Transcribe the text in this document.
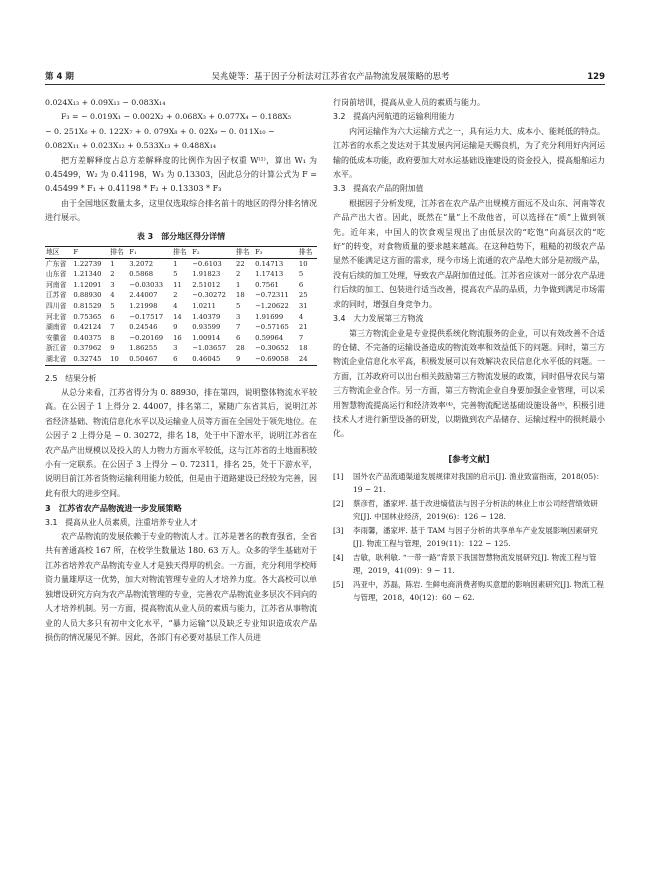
第 4 期	吴兆婕等：基于因子分析法对江苏省农产品物流发展策略的思考	129
0.024X₁₃ + 0.09X₁₃ − 0.083X₁₄
F₃ = − 0.019X₁ − 0.002X₂ + 0.068X₃ + 0.077X₄ − 0.188X₅
− 0. 251X₆ + 0. 122X₇ + 0. 079X₈ + 0. 02X₉ − 0. 011X₁₀ −
0.082X₁₁ + 0.023X₁₂ + 0.533X₁₃ + 0.488X₁₄

把方差解释度占总方差解释度的比例作为因子权重 W⁽¹⁾，算出 W₁ 为 0.45499，W₂ 为 0.41198，W₃ 为 0.13303，因此总分的计算公式为 F = 0.45499 * F₁ + 0.41198 * F₂ + 0.13303 * F₃

由于全国地区数量太多，这里仅选取综合排名前十的地区的得分排名情况进行展示。

表 3　部分地区得分详情
地区	F	排名	F₁	排名	F₂	排名	F₃	排名
广东省	1.22739	1	3.2072	1	−0.6103	22	0.14713	10
山东省	1.21340	2	0.5868	5	1.91823	2	1.17413	5
河南省	1.12091	3	−0.03033	11	2.51012	1	0.7561	6
江苏省	0.88930	4	2.44007	2	−0.30272	18	−0.72311	25
四川省	0.81529	5	1.21998	4	1.0211	5	−1.20622	31
河北省	0.75365	6	−0.17517	14	1.40379	3	1.91699	4
湖南省	0.42124	7	0.24546	9	0.93599	7	−0.57165	21
安徽省	0.40375	8	−0.20169	16	1.00914	6	0.59964	7
浙江省	0.37962	9	1.86255	3	−1.03657	28	−0.30652	18
湖北省	0.32745	10	0.50467	6	0.46045	9	−0.69058	24
2.5　结果分析

从总分来看，江苏省得分为 0. 88930，排在第四，说明整体物流水平较高。在公因子 1 上得分 2. 44007，排名第二，紧随广东省其后，说明江苏省经济基础、物流信息化水平以及运输业人员等方面在全国处于领先地位。在公因子 2 上得分是 − 0. 30272，排名 18，处于中下游水平，说明江苏省在农产品产出规模以及投入的人力物力方面水平较低，这与江苏省的土地面积较小有一定联系。在公因子 3 上得分 − 0. 72311，排名 25，处于下游水平，说明目前江苏省货物运输利用能力较低，但是由于道路建设已经较为完善，因此有很大的进步空间。

3　江苏省农产品物流进一步发展策略
3.1　提高从业人员素质，注重培养专业人才

农产品物流的发展依赖于专业的物流人才。江苏是著名的教育强省，全省共有普通高校 167 所，在校学生数量达 180. 63 万人。众多的学生基础对于江苏省培养农产品物流专业人才是独天得厚的机会。一方面，充分利用学校师资力量雄厚这一优势，加大对物流管理专业的人才培养力度。各大高校可以单独增设研究方向为农产品物流管理的专业，完善农产品物流业多层次不同向的人才培养机制。另一方面，提高物流从业人员的素质与能力，江苏省从事物流业的人员大多只有初中文化水平，“暴力运输”以及缺乏专业知识造成农产品损伤的情况屡见不鲜。因此，各部门有必要对基层工作人员进

行岗前培训，提高从业人员的素质与能力。

3.2　提高内河航道的运输利用能力

内河运输作为六大运输方式之一，具有运力大、成本小、能耗低的特点。江苏省的水系之发达对于其发展内河运输是天赐良机，为了充分利用好内河运输的低成本功能，政府要加大对水运基础设施建设的资金投入，提高船舶运力水平。

3.3　提高农产品的附加值

根据因子分析发现，江苏省在农产品产出规模方面远不及山东、河南等农产品产出大省。因此，既然在“量”上不敌他省，可以选择在“质”上做到领先。近年来，中国人的饮食观呈现出了由低层次的“吃饱”向高层次的“吃好”的转变，对食物质量的要求越来越高。在这种趋势下，粗糙的初级农产品显然不能满足这方面的需求，现今市场上流通的农产品绝大部分是初级产品，没有后续的加工处理，导致农产品附加值过低。江苏省应该对一部分农产品进行后续的加工、包装进行适当改善，提高农产品的品质，力争做到满足市场需求的同时，增强自身竞争力。

3.4　大力发展第三方物流

第三方物流企业是专业提供系统化物流服务的企业，可以有效改善不合适的仓储、不完备的运输设备造成的物流效率和效益低下的问题。同时，第三方物流企业信息化水平高，积极发展可以有效解决农民信息化水平低的问题。一方面，江苏政府可以出台相关鼓励第三方物流发展的政策，同时倡导农民与第三方物流企业合作。另一方面，第三方物流企业自身要加强企业管理，可以采用智慧物流提高运行和经济效率⁽⁴⁾，完善物流配送基础设施设备⁽⁵⁾，积极引进技术人才进行新型设备的研发，以期做到农产品储存、运输过程中的损耗最小化。

[参考文献]
[1]	国外农产品流通渠道发展规律对我国的启示[J]. 渔业致富指南，2018(05)：19 − 21.
[2]	蔡彦哲，潘家坪. 基于改进熵值法与因子分析法的林业上市公司经营绩效研究[J]. 中国林业经济，2019(6)：126 − 128.
[3]	李雨馨，潘家坪. 基于 TAM 与因子分析的共享单车产业发展影响因素研究[J]. 物流工程与管理，2019(11)：122 − 125.
[4]	吉敏，耿利敏. “一带一路”背景下我国智慧物流发展研究[J]. 物流工程与管理，2019，41(09)：9 − 11.
[5]	冯亚中，苏磊，陈岩. 生鲜电商消费者购买意愿的影响因素研究[J]. 物流工程与管理，2018，40(12)：60 − 62.
